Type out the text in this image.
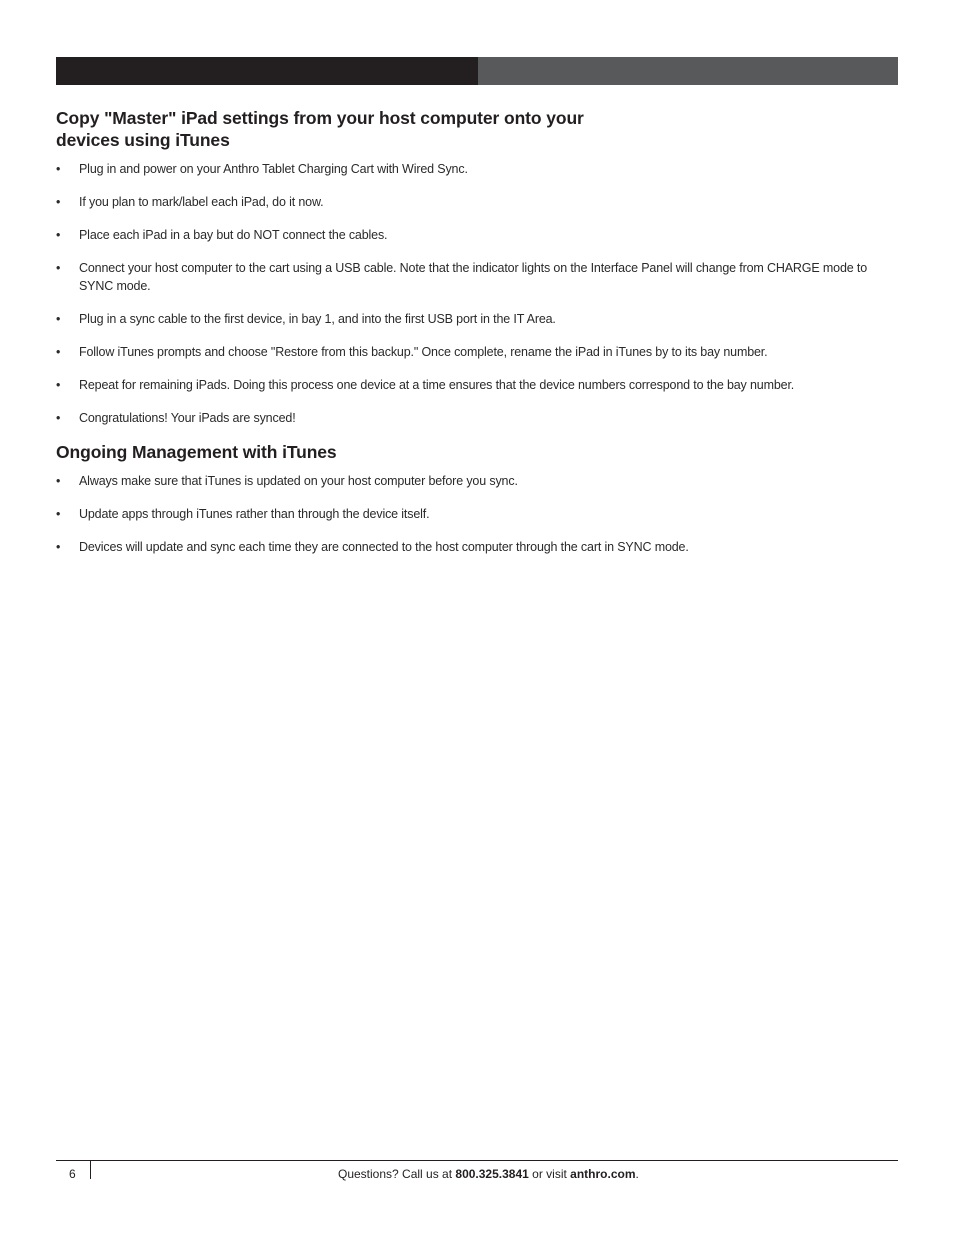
Copy "Master" iPad settings from your host computer onto your devices using iTunes
• Plug in and power on your Anthro Tablet Charging Cart with Wired Sync.
• If you plan to mark/label each iPad, do it now.
• Place each iPad in a bay but do NOT connect the cables.
• Connect your host computer to the cart using a USB cable. Note that the indicator lights on the Interface Panel will change from CHARGE mode to SYNC mode.
• Plug in a sync cable to the first device, in bay 1, and into the first USB port in the IT Area.
• Follow iTunes prompts and choose "Restore from this backup." Once complete, rename the iPad in iTunes by to its bay number.
• Repeat for remaining iPads. Doing this process one device at a time ensures that the device numbers correspond to the bay number.
• Congratulations! Your iPads are synced!
Ongoing Management with iTunes
• Always make sure that iTunes is updated on your host computer before you sync.
• Update apps through iTunes rather than through the device itself.
• Devices will update and sync each time they are connected to the host computer through the cart in SYNC mode.
6	Questions? Call us at 800.325.3841 or visit anthro.com.
